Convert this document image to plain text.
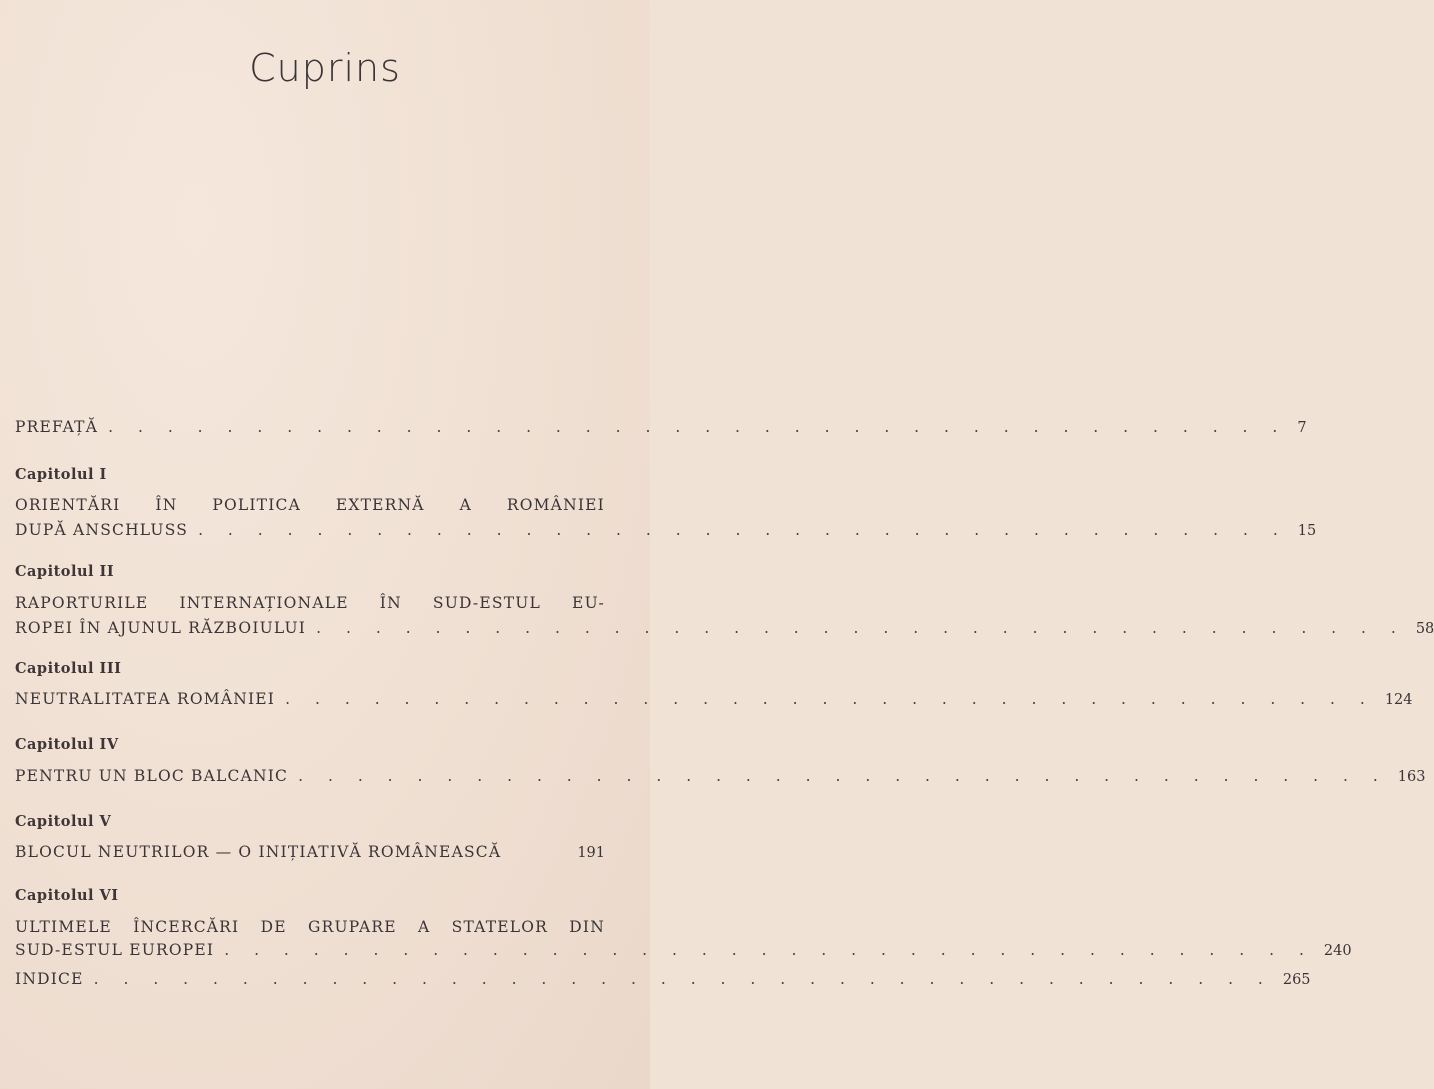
Cuprins
PREFAȚĂ . . . . . . . . . . . . . . . . . . . . . . . . . . . . . . . . . . . . . . . . 7
Capitolul I
ORIENTĂRI ÎN POLITICA EXTERNĂ A ROMÂNIEI
DUPĂ ANSCHLUSS . . . . . . . . . . . . . . . . . . . . . . . . . . . . . . . . . . . . . 15
Capitolul II
RAPORTURILE INTERNAȚIONALE ÎN SUD-ESTUL EU-
ROPEI ÎN AJUNUL RĂZBOIULUI . . . . . . . . . . . . . . . . . . . . . . . . . . . . . . . . . . . . . 58
Capitolul III
NEUTRALITATEA ROMÂNIEI . . . . . . . . . . . . . . . . . . . . . . . . . . . . . . . . . . . . . 124
Capitolul IV
PENTRU UN BLOC BALCANIC . . . . . . . . . . . . . . . . . . . . . . . . . . . . . . . . . . . . . 163
Capitolul V
BLOCUL NEUTRILOR — O INIȚIATIVĂ ROMÂNEASCĂ	191
Capitolul VI
ULTIMELE ÎNCERCĂRI DE GRUPARE A STATELOR DIN
SUD-ESTUL EUROPEI . . . . . . . . . . . . . . . . . . . . . . . . . . . . . . . . . . . . . 240
INDICE . . . . . . . . . . . . . . . . . . . . . . . . . . . . . . . . . . . . . . . . 265
